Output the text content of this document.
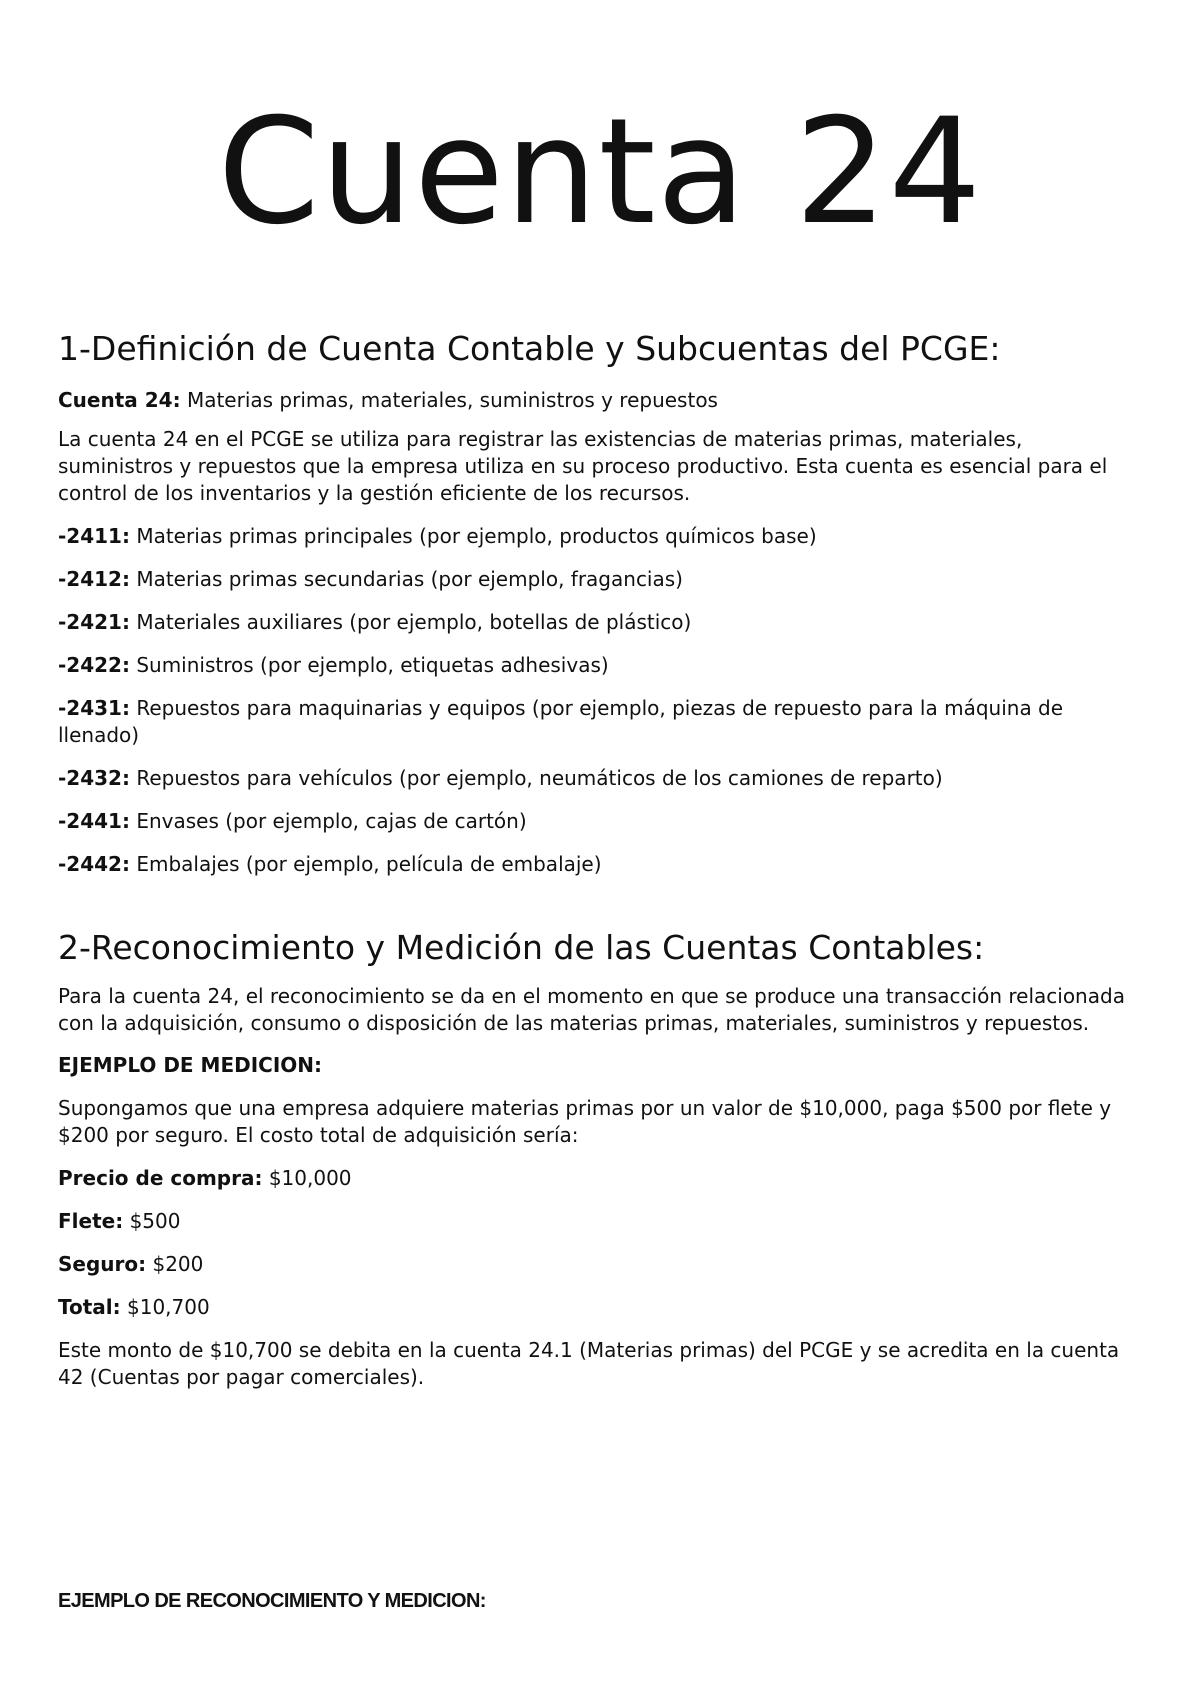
Cuenta 24
1-Definición de Cuenta Contable y Subcuentas del PCGE:

Cuenta 24: Materias primas, materiales, suministros y repuestos

La cuenta 24 en el PCGE se utiliza para registrar las existencias de materias primas, materiales, suministros y repuestos que la empresa utiliza en su proceso productivo. Esta cuenta es esencial para el control de los inventarios y la gestión eficiente de los recursos.

-2411: Materias primas principales (por ejemplo, productos químicos base)

-2412: Materias primas secundarias (por ejemplo, fragancias)

-2421: Materiales auxiliares (por ejemplo, botellas de plástico)

-2422: Suministros (por ejemplo, etiquetas adhesivas)

-2431: Repuestos para maquinarias y equipos (por ejemplo, piezas de repuesto para la máquina de llenado)

-2432: Repuestos para vehículos (por ejemplo, neumáticos de los camiones de reparto)

-2441: Envases (por ejemplo, cajas de cartón)

-2442: Embalajes (por ejemplo, película de embalaje)

2-Reconocimiento y Medición de las Cuentas Contables:

Para la cuenta 24, el reconocimiento se da en el momento en que se produce una transacción relacionada con la adquisición, consumo o disposición de las materias primas, materiales, suministros y repuestos.

EJEMPLO DE MEDICION:

Supongamos que una empresa adquiere materias primas por un valor de $10,000, paga $500 por flete y $200 por seguro. El costo total de adquisición sería:

Precio de compra: $10,000

Flete: $500

Seguro: $200

Total: $10,700

Este monto de $10,700 se debita en la cuenta 24.1 (Materias primas) del PCGE y se acredita en la cuenta 42 (Cuentas por pagar comerciales).

EJEMPLO DE RECONOCIMIENTO Y MEDICION:
